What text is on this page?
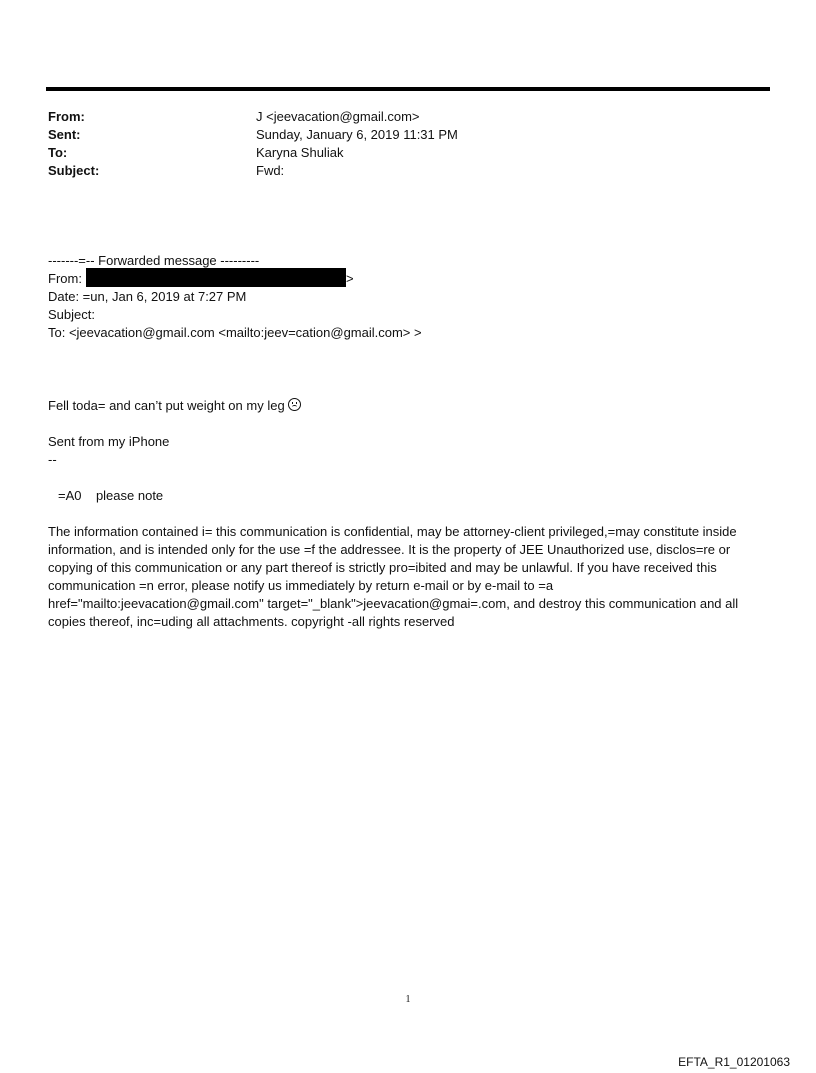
From:	J <jeevacation@gmail.com>
Sent:	Sunday, January 6, 2019 11:31 PM
To:	Karyna Shuliak
Subject:	Fwd:
-------=-- Forwarded message ---------
From:	>
Date: =un, Jan 6, 2019 at 7:27 PM
Subject:
To: <jeevacation@gmail.com <mailto:jeev=cation@gmail.com> >
Fell toda= and can’t put weight on my leg
Sent from my iPhone
--
=A0    please note
The information contained i= this communication is confidential, may be attorney-client privileged,=may constitute inside information, and is intended only for the use =f the addressee. It is the property of JEE Unauthorized use, disclos=re or copying of this communication or any part thereof is strictly pro=ibited and may be unlawful. If you have received this communication =n error, please notify us immediately by return e-mail or by e-mail to =a href="mailto:jeevacation@gmail.com" target="_blank">jeevacation@gmai=.com, and destroy this communication and all copies thereof, inc=uding all attachments. copyright -all rights reserved
1
EFTA_R1_01201063
